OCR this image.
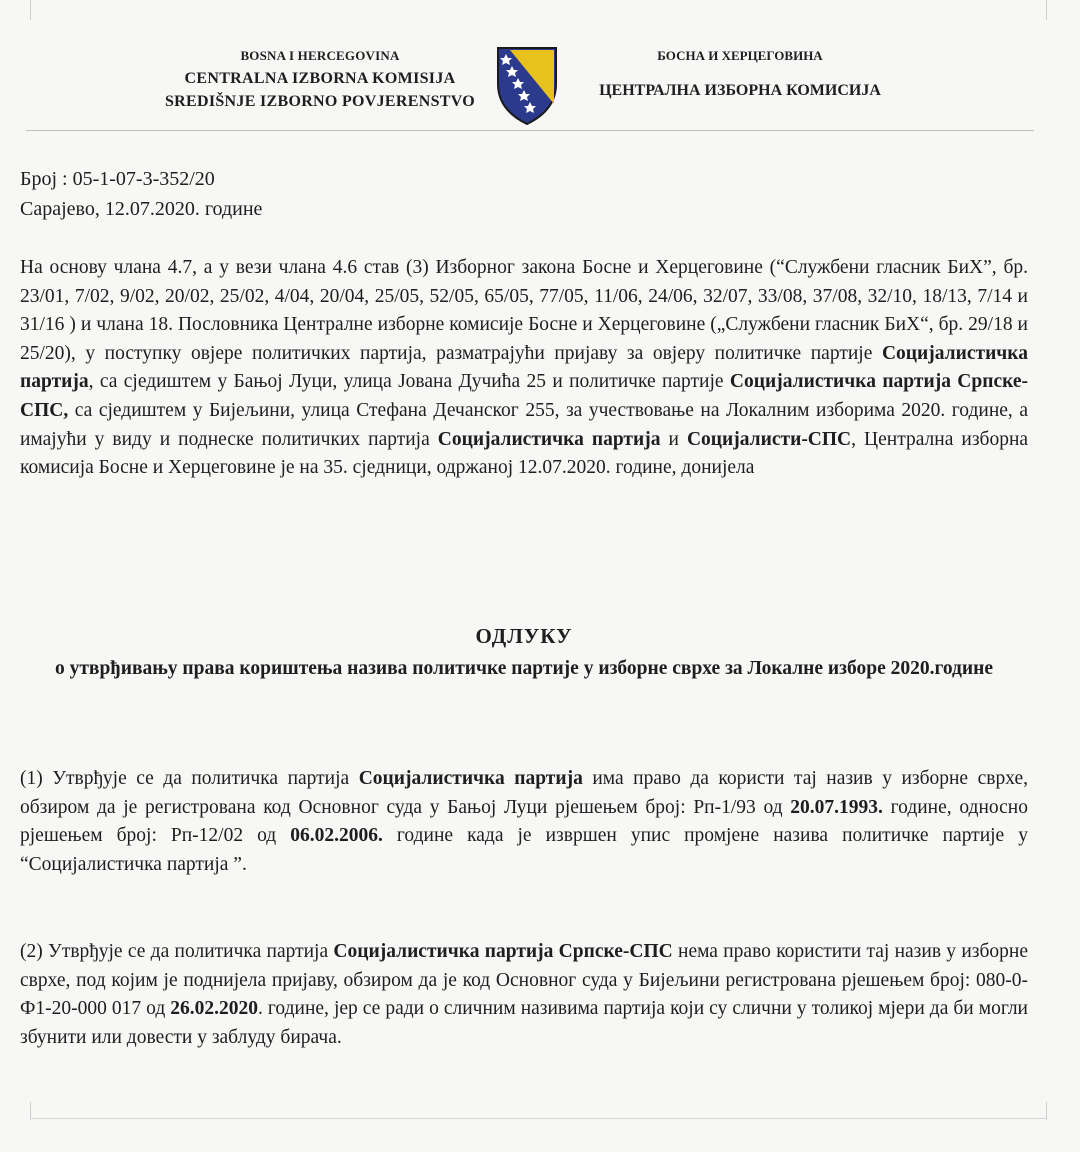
BOSNA I HERCEGOVINA
CENTRALNA IZBORNA KOMISIJA
SREDIŠNJE IZBORNO POVJERENSTVO
БОСНА И ХЕРЦЕГОВИНА
ЦЕНТРАЛНА ИЗБОРНА КОМИСИЈА
Број : 05-1-07-3-352/20
Сарајево, 12.07.2020. године
На основу члана 4.7, а у вези члана 4.6 став (3) Изборног закона Босне и Херцеговине (“Службени гласник БиХ”, бр. 23/01, 7/02, 9/02, 20/02, 25/02, 4/04, 20/04, 25/05, 52/05, 65/05, 77/05, 11/06, 24/06, 32/07, 33/08, 37/08, 32/10, 18/13, 7/14 и 31/16 ) и члана 18. Пословника Централне изборне комисије Босне и Херцеговине („Службени гласник БиХ“, бр. 29/18 и 25/20), у поступку овјере политичких партија, разматрајући пријаву за овјеру политичке партије Социјалистичка партија, са сједиштем у Бањој Луци, улица Јована Дучића 25 и политичке партије Социјалистичка партија Српске-СПС, са сједиштем у Бијељини, улица Стефана Дечанског 255, за учествовање на Локалним изборима 2020. године, а имајући у виду и поднеске политичких партија Социјалистичка партија и Социјалисти-СПС, Централна изборна комисија Босне и Херцеговине је на 35. сједници, одржаној 12.07.2020. године, донијела
ОДЛУКУ
о утврђивању права кориштења назива политичке партије у изборне сврхе за Локалне изборе 2020.године
(1) Утврђује се да политичка партија Социјалистичка партија има право да користи тај назив у изборне сврхе, обзиром да је регистрована код Основног суда у Бањој Луци рјешењем број: Рп-1/93 од 20.07.1993. године, односно рјешењем број: Рп-12/02 од 06.02.2006. године када је извршен упис промјене назива политичке партије у “Социјалистичка партија ”.
(2) Утврђује се да политичка партија Социјалистичка партија Српске-СПС нема право користити тај назив у изборне сврхе, под којим је поднијела пријаву, обзиром да је код Основног суда у Бијељини регистрована рјешењем број: 080-0-Ф1-20-000 017 од 26.02.2020. године, јер се ради о сличним називима партија који су слични у толикој мјери да би могли збунити или довести у заблуду бирача.
